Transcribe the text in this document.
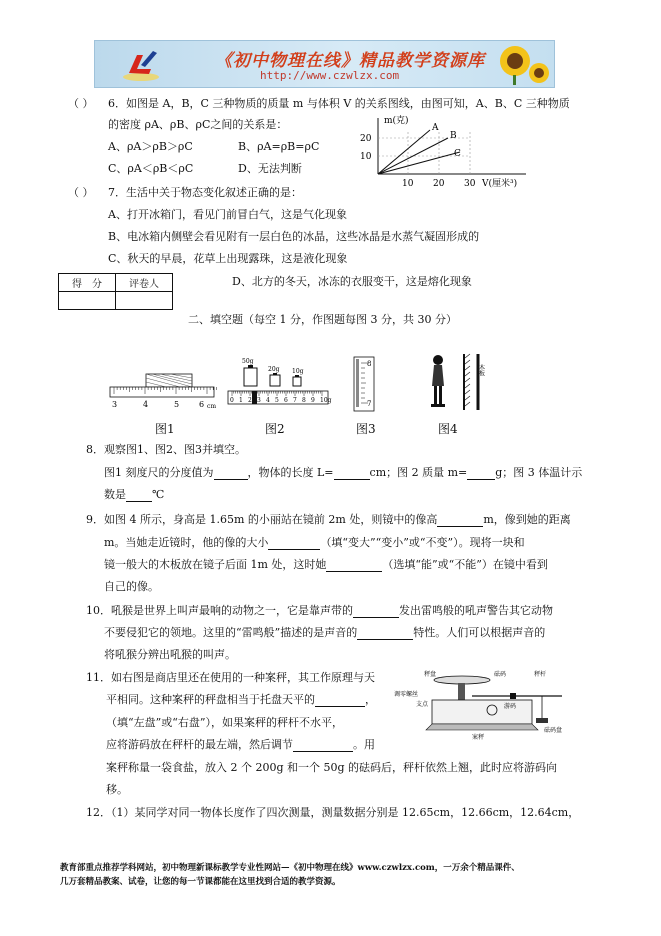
《初中物理在线》精品教学资源库
http://www.czwlzx.com
（ ） 6．如图是 A，B，C 三种物质的质量 m 与体积 V 的关系图线，由图可知，A、B、C 三种物质
的密度 ρA、ρB、ρC之间的关系是：
A、ρA＞ρB＞ρC	B、ρA=ρB=ρC
C、ρA＜ρB＜ρC	D、无法判断
m(克)
20
10
10 20 30 V(厘米³)
A
B
C
（ ） 7．生活中关于物态变化叙述正确的是：
A、打开冰箱门，看见门前冒白气，这是气化现象
B、电冰箱内侧壁会看见附有一层白色的冰晶，这些冰晶是水蒸气凝固形成的
C、秋天的早晨，花草上出现露珠，这是液化现象
D、北方的冬天，冰冻的衣服变干，这是熔化现象
得　分	评卷人

二、填空题（每空 1 分，作图题每图 3 分，共 30 分）
3	4	5 6 cm
50g
20g 10g
0 1 2 3 4 5 6 7 8 9 10g
8
7
木板
图1	图2	图3	图4
8．观察图1、图2、图3并填空。
图1 刻度尺的分度值为	，物体的长度 L=	cm；图 2 质量 m=	g；图 3 体温计示
数是 ℃
9．如图 4 所示，身高是 1.65m 的小丽站在镜前 2m 处，则镜中的像高	m，像到她的距离
m。当她走近镜时，他的像的大小	（填“变大”“变小”或“不变”）。现将一块和
镜一般大的木板放在镜子后面 1m 处，这时她	（选填“能”或“不能”）在镜中看到
自己的像。
10．吼猴是世界上叫声最响的动物之一，它是靠声带的	发出雷鸣般的吼声警告其它动物
不要侵犯它的领地。这里的“雷鸣般”描述的是声音的	特性。人们可以根据声音的
将吼猴分辨出吼猴的叫声。
11．如右图是商店里还在使用的一种案秤，其工作原理与天
平相同。这种案秤的秤盘相当于托盘天平的	，
（填“左盘”或“右盘”），如果案秤的秤杆不水平，
应将游码放在秤杆的最左端，然后调节	。用
案秤称量一袋食盐，放入 2 个 200g 和一个 50g 的砝码后，秤杆依然上翘，此时应将游码向
移。
秤盘	砝码	秤杆
调零螺丝
支点	游码
案秤
砝码盘
12．（1）某同学对同一物体长度作了四次测量，测量数据分别是 12.65cm，12.66cm，12.64cm，
教育部重点推荐学科网站，初中物理新课标教学专业性网站—《初中物理在线》www.czwlzx.com，一万余个精品课件、
几万套精品教案、试卷，让您的每一节课都能在这里找到合适的教学资源。
